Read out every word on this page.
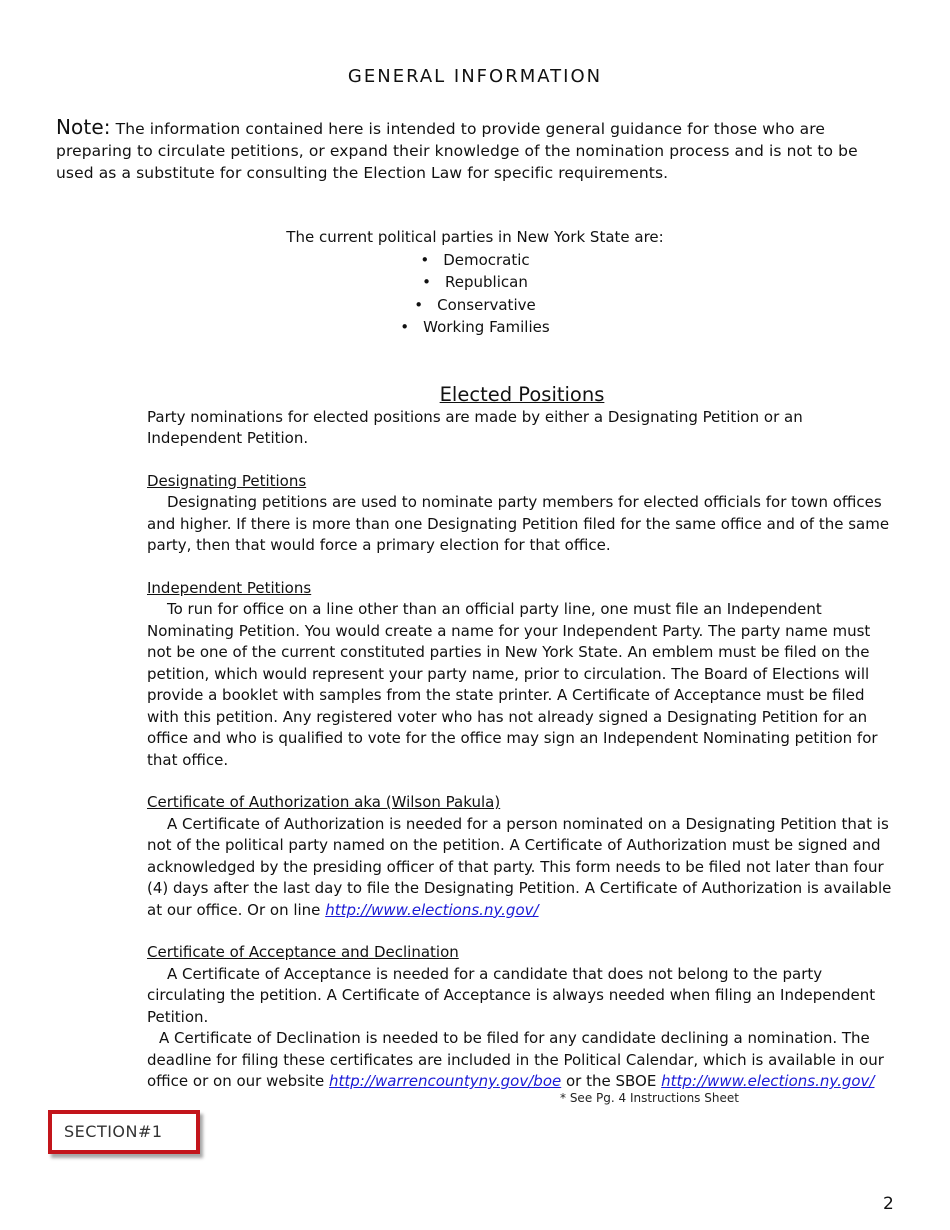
GENERAL INFORMATION
Note: The information contained here is intended to provide general guidance for those who are preparing to circulate petitions, or expand their knowledge of the nomination process and is not to be used as a substitute for consulting the Election Law for specific requirements.
The current political parties in New York State are:
• Democratic
• Republican
• Conservative
• Working Families
Elected Positions

Party nominations for elected positions are made by either a Designating Petition or an Independent Petition.

Designating Petitions

Designating petitions are used to nominate party members for elected officials for town offices and higher. If there is more than one Designating Petition filed for the same office and of the same party, then that would force a primary election for that office.

Independent Petitions

To run for office on a line other than an official party line, one must file an Independent Nominating Petition. You would create a name for your Independent Party. The party name must not be one of the current constituted parties in New York State. An emblem must be filed on the petition, which would represent your party name, prior to circulation. The Board of Elections will provide a booklet with samples from the state printer. A Certificate of Acceptance must be filed with this petition. Any registered voter who has not already signed a Designating Petition for an office and who is qualified to vote for the office may sign an Independent Nominating petition for that office.

Certificate of Authorization aka (Wilson Pakula)

A Certificate of Authorization is needed for a person nominated on a Designating Petition that is not of the political party named on the petition. A Certificate of Authorization must be signed and acknowledged by the presiding officer of that party. This form needs to be filed not later than four (4) days after the last day to file the Designating Petition. A Certificate of Authorization is available at our office. Or on line http://www.elections.ny.gov/

Certificate of Acceptance and Declination

A Certificate of Acceptance is needed for a candidate that does not belong to the party circulating the petition. A Certificate of Acceptance is always needed when filing an Independent Petition.

A Certificate of Declination is needed to be filed for any candidate declining a nomination. The deadline for filing these certificates are included in the Political Calendar, which is available in our office or on our website http://warrencountyny.gov/boe or the SBOE http://www.elections.ny.gov/

* See Pg. 4 Instructions Sheet
SECTION#1
2
